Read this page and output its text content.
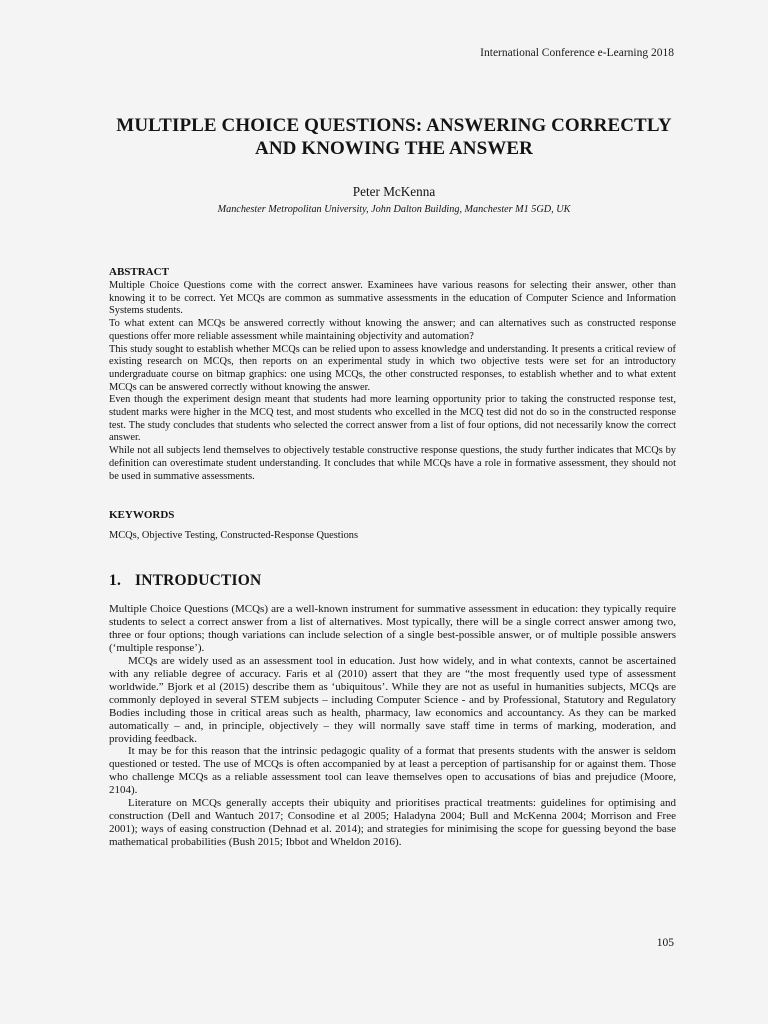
International Conference e-Learning 2018
MULTIPLE CHOICE QUESTIONS: ANSWERING CORRECTLY AND KNOWING THE ANSWER
Peter McKenna
Manchester Metropolitan University, John Dalton Building, Manchester M1 5GD, UK
ABSTRACT

Multiple Choice Questions come with the correct answer. Examinees have various reasons for selecting their answer, other than knowing it to be correct. Yet MCQs are common as summative assessments in the education of Computer Science and Information Systems students.

To what extent can MCQs be answered correctly without knowing the answer; and can alternatives such as constructed response questions offer more reliable assessment while maintaining objectivity and automation?

This study sought to establish whether MCQs can be relied upon to assess knowledge and understanding. It presents a critical review of existing research on MCQs, then reports on an experimental study in which two objective tests were set for an introductory undergraduate course on bitmap graphics: one using MCQs, the other constructed responses, to establish whether and to what extent MCQs can be answered correctly without knowing the answer.

Even though the experiment design meant that students had more learning opportunity prior to taking the constructed response test, student marks were higher in the MCQ test, and most students who excelled in the MCQ test did not do so in the constructed response test. The study concludes that students who selected the correct answer from a list of four options, did not necessarily know the correct answer.

While not all subjects lend themselves to objectively testable constructive response questions, the study further indicates that MCQs by definition can overestimate student understanding. It concludes that while MCQs have a role in formative assessment, they should not be used in summative assessments.

KEYWORDS
MCQs, Objective Testing, Constructed-Response Questions
1. INTRODUCTION

Multiple Choice Questions (MCQs) are a well-known instrument for summative assessment in education: they typically require students to select a correct answer from a list of alternatives. Most typically, there will be a single correct answer among two, three or four options; though variations can include selection of a single best-possible answer, or of multiple possible answers (‘multiple response’).

MCQs are widely used as an assessment tool in education. Just how widely, and in what contexts, cannot be ascertained with any reliable degree of accuracy. Faris et al (2010) assert that they are “the most frequently used type of assessment worldwide.” Bjork et al (2015) describe them as ‘ubiquitous’. While they are not as useful in humanities subjects, MCQs are commonly deployed in several STEM subjects – including Computer Science - and by Professional, Statutory and Regulatory Bodies including those in critical areas such as health, pharmacy, law economics and accountancy. As they can be marked automatically – and, in principle, objectively – they will normally save staff time in terms of marking, moderation, and providing feedback.

It may be for this reason that the intrinsic pedagogic quality of a format that presents students with the answer is seldom questioned or tested. The use of MCQs is often accompanied by at least a perception of partisanship for or against them. Those who challenge MCQs as a reliable assessment tool can leave themselves open to accusations of bias and prejudice (Moore, 2104).

Literature on MCQs generally accepts their ubiquity and prioritises practical treatments: guidelines for optimising and construction (Dell and Wantuch 2017; Consodine et al 2005; Haladyna 2004; Bull and McKenna 2004; Morrison and Free 2001); ways of easing construction (Dehnad et al. 2014); and strategies for minimising the scope for guessing beyond the base mathematical probabilities (Bush 2015; Ibbot and Wheldon 2016).

105
